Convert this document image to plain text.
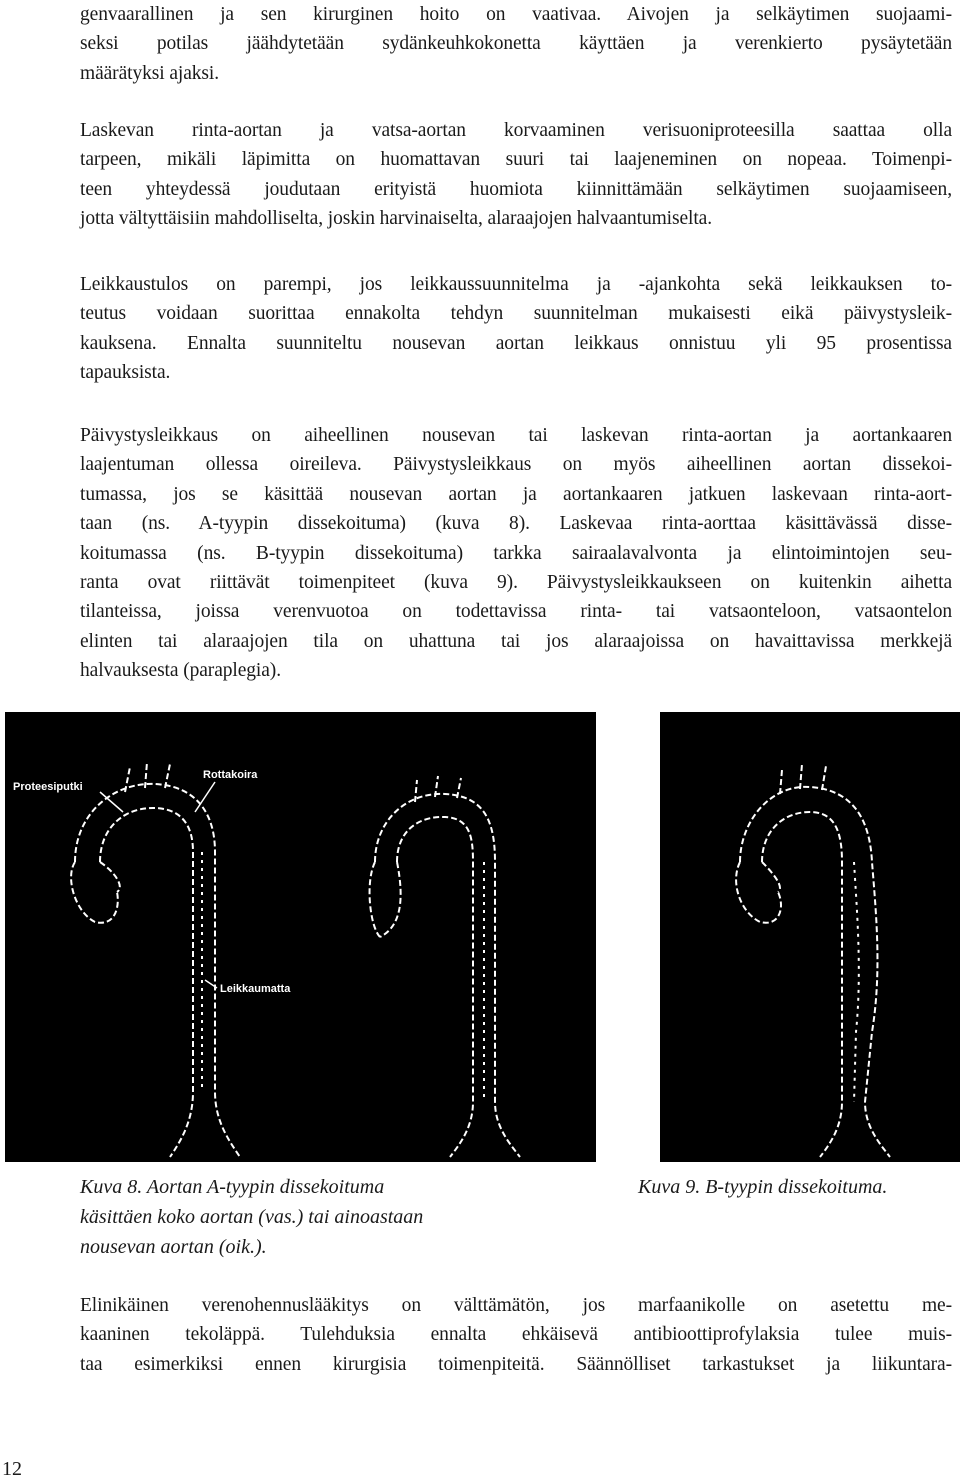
genvaarallinen ja sen kirurginen hoito on vaativaa. Aivojen ja selkäytimen suojaami-
seksi potilas jäähdytetään sydänkeuhkokonetta käyttäen ja verenkierto pysäytetään
määrätyksi ajaksi.
Laskevan rinta-aortan ja vatsa-aortan korvaaminen verisuoniproteesilla saattaa olla
tarpeen, mikäli läpimitta on huomattavan suuri tai laajeneminen on nopeaa. Toimenpi-
teen yhteydessä joudutaan erityistä huomiota kiinnittämään selkäytimen suojaamiseen,
jotta vältyttäisiin mahdolliselta, joskin harvinaiselta, alaraajojen halvaantumiselta.
Leikkaustulos on parempi, jos leikkaussuunnitelma ja -ajankohta sekä leikkauksen to-
teutus voidaan suorittaa ennakolta tehdyn suunnitelman mukaisesti eikä päivystysleik-
kauksena. Ennalta suunniteltu nousevan aortan leikkaus onnistuu yli 95 prosentissa
tapauksista.
Päivystysleikkaus on aiheellinen nousevan tai laskevan rinta-aortan ja aortankaaren
laajentuman ollessa oireileva. Päivystysleikkaus on myös aiheellinen aortan dissekoi-
tumassa, jos se käsittää nousevan aortan ja aortankaaren jatkuen laskevaan rinta-aort-
taan (ns. A-tyypin dissekoituma) (kuva 8). Laskevaa rinta-aorttaa käsittävässä disse-
koitumassa (ns. B-tyypin dissekoituma) tarkka sairaalavalvonta ja elintoimintojen seu-
ranta ovat riittävät toimenpiteet (kuva 9). Päivystysleikkaukseen on kuitenkin aihetta
tilanteissa, joissa verenvuotoa on todettavissa rinta- tai vatsaonteloon, vatsaontelon
elinten tai alaraajojen tila on uhattuna tai jos alaraajoissa on havaittavissa merkkejä
halvauksesta (paraplegia).
Proteesiputki
Rottakoira
Leikkaumatta
Kuva 8. Aortan A-tyypin dissekoituma
käsittäen koko aortan (vas.) tai ainoastaan
nousevan aortan (oik.).
Kuva 9. B-tyypin dissekoituma.
Elinikäinen verenohennuslääkitys on välttämätön, jos marfaanikolle on asetettu me-
kaaninen tekoläppä. Tulehduksia ennalta ehkäisevä antibioottiprofylaksia tulee muis-
taa esimerkiksi ennen kirurgisia toimenpiteitä. Säännölliset tarkastukset ja liikuntara-
12
